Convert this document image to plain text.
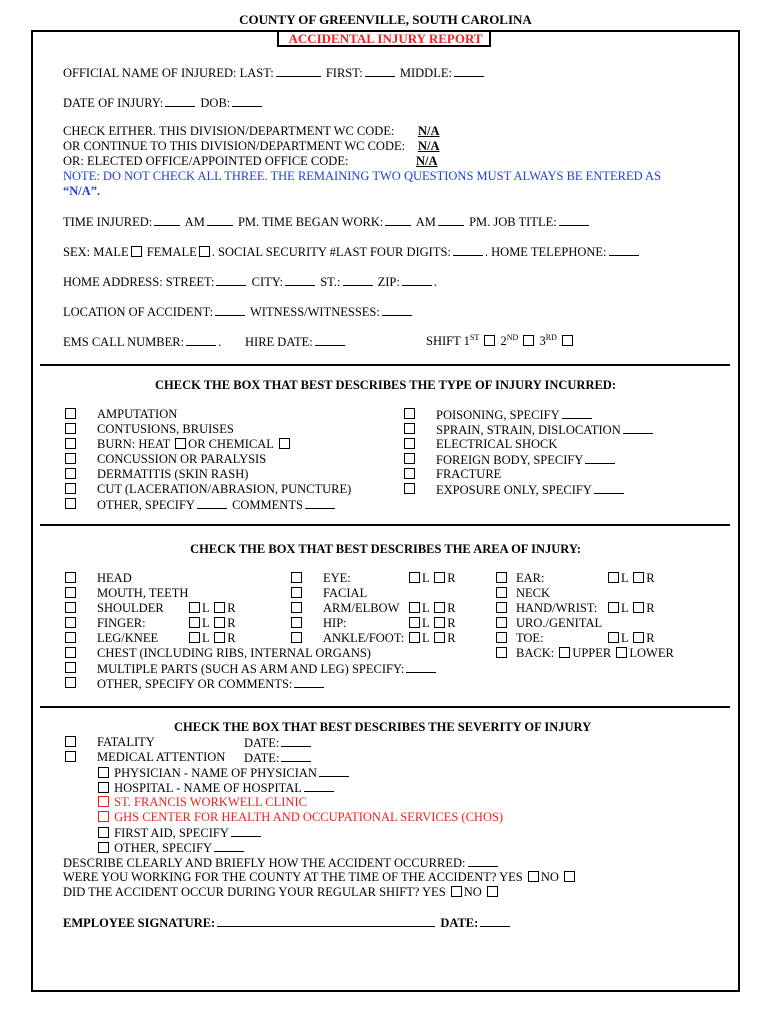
COUNTY OF GREENVILLE, SOUTH CAROLINA
ACCIDENTAL INJURY REPORT
OFFICIAL NAME OF INJURED: LAST:	FIRST:	MIDDLE:
DATE OF INJURY:	DOB:
CHECK EITHER. THIS DIVISION/DEPARTMENT WC CODE: N/A
OR CONTINUE TO THIS DIVISION/DEPARTMENT WC CODE: N/A
OR: ELECTED OFFICE/APPOINTED OFFICE CODE:	N/A
NOTE: DO NOT CHECK ALL THREE. THE REMAINING TWO QUESTIONS MUST ALWAYS BE ENTERED AS
“N/A”.
TIME INJURED:	AM	PM. TIME BEGAN WORK:	AM	PM. JOB TITLE:
SEX: MALE FEMALE . SOCIAL SECURITY #LAST FOUR DIGITS:	. HOME TELEPHONE:
HOME ADDRESS: STREET:	CITY:	ST.:	ZIP:	.
LOCATION OF ACCIDENT:	WITNESS/WITNESSES:
EMS CALL NUMBER:	. HIRE DATE:	SHIFT 1ST 2ND 3RD
CHECK THE BOX THAT BEST DESCRIBES THE TYPE OF INJURY INCURRED:
AMPUTATION
CONTUSIONS, BRUISES
BURN: HEAT OR CHEMICAL
CONCUSSION OR PARALYSIS
DERMATITIS (SKIN RASH)
CUT (LACERATION/ABRASION, PUNCTURE)
OTHER, SPECIFY	COMMENTS
POISONING, SPECIFY
SPRAIN, STRAIN, DISLOCATION
ELECTRICAL SHOCK
FOREIGN BODY, SPECIFY
FRACTURE
EXPOSURE ONLY, SPECIFY
CHECK THE BOX THAT BEST DESCRIBES THE AREA OF INJURY:
HEAD
MOUTH, TEETH
SHOULDER	L R
FINGER:	L R
LEG/KNEE	L R
CHEST (INCLUDING RIBS, INTERNAL ORGANS)
MULTIPLE PARTS (SUCH AS ARM AND LEG) SPECIFY:
OTHER, SPECIFY OR COMMENTS:
EYE:	L R
FACIAL
ARM/ELBOW	L R
HIP:	L R
ANKLE/FOOT:	L R
EAR:	L R
NECK
HAND/WRIST:	L R
URO./GENITAL
TOE:	L R
BACK: UPPER LOWER
CHECK THE BOX THAT BEST DESCRIBES THE SEVERITY OF INJURY
FATALITY	DATE:
MEDICAL ATTENTION DATE:
PHYSICIAN - NAME OF PHYSICIAN
HOSPITAL - NAME OF HOSPITAL
ST. FRANCIS WORKWELL CLINIC
GHS CENTER FOR HEALTH AND OCCUPATIONAL SERVICES (CHOS)
FIRST AID, SPECIFY
OTHER, SPECIFY
DESCRIBE CLEARLY AND BRIEFLY HOW THE ACCIDENT OCCURRED:
WERE YOU WORKING FOR THE COUNTY AT THE TIME OF THE ACCIDENT? YES NO
DID THE ACCIDENT OCCUR DURING YOUR REGULAR SHIFT? YES NO
EMPLOYEE SIGNATURE:	DATE:
